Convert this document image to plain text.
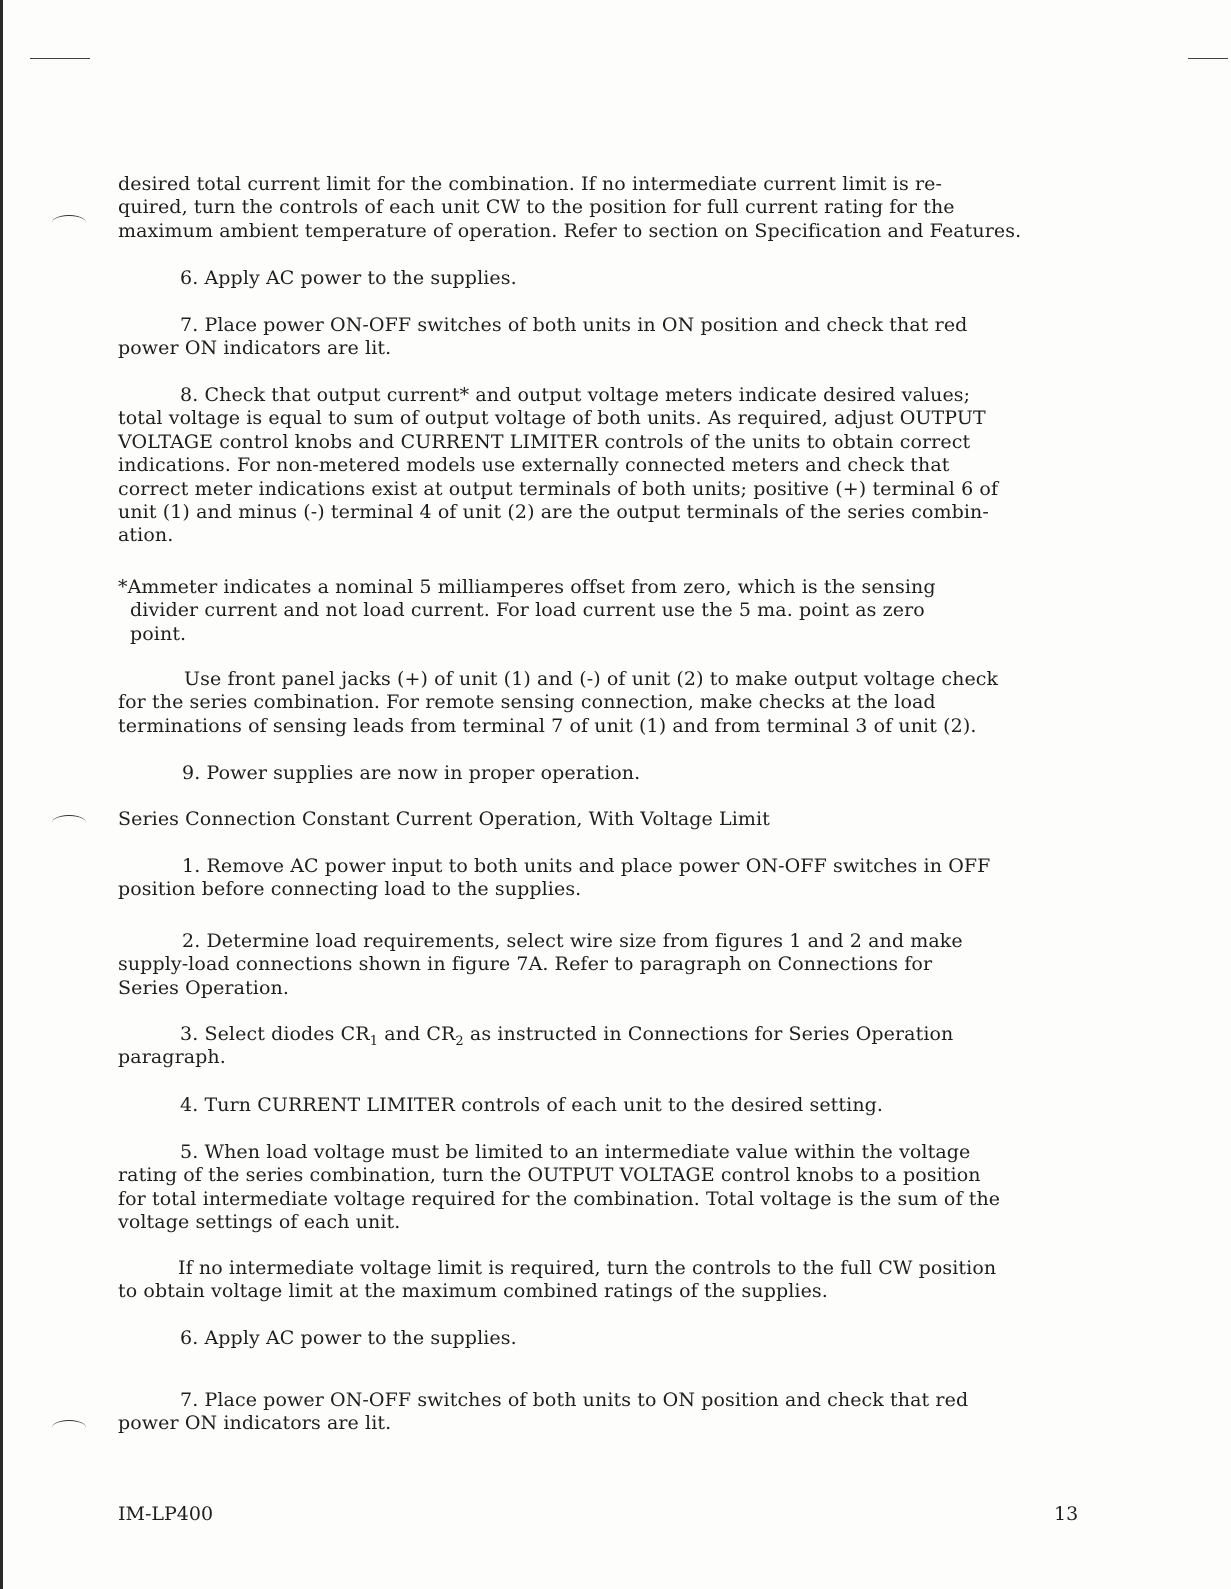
desired total current limit for the combination. If no intermediate current limit is re-
quired, turn the controls of each unit CW to the position for full current rating for the
maximum ambient temperature of operation. Refer to section on Specification and Features.
6. Apply AC power to the supplies.
7. Place power ON-OFF switches of both units in ON position and check that red
power ON indicators are lit.
8. Check that output current* and output voltage meters indicate desired values;
total voltage is equal to sum of output voltage of both units. As required, adjust OUTPUT
VOLTAGE control knobs and CURRENT LIMITER controls of the units to obtain correct
indications. For non-metered models use externally connected meters and check that
correct meter indications exist at output terminals of both units; positive (+) terminal 6 of
unit (1) and minus (-) terminal 4 of unit (2) are the output terminals of the series combin-
ation.
*Ammeter indicates a nominal 5 milliamperes offset from zero, which is the sensing
divider current and not load current. For load current use the 5 ma. point as zero
point.
Use front panel jacks (+) of unit (1) and (-) of unit (2) to make output voltage check
for the series combination. For remote sensing connection, make checks at the load
terminations of sensing leads from terminal 7 of unit (1) and from terminal 3 of unit (2).
9. Power supplies are now in proper operation.
Series Connection Constant Current Operation, With Voltage Limit
1. Remove AC power input to both units and place power ON-OFF switches in OFF
position before connecting load to the supplies.
2. Determine load requirements, select wire size from figures 1 and 2 and make
supply-load connections shown in figure 7A. Refer to paragraph on Connections for
Series Operation.
3. Select diodes $CR_1$ and $CR_2$ as instructed in Connections for Series Operation
paragraph.
4. Turn CURRENT LIMITER controls of each unit to the desired setting.
5. When load voltage must be limited to an intermediate value within the voltage
rating of the series combination, turn the OUTPUT VOLTAGE control knobs to a position
for total intermediate voltage required for the combination. Total voltage is the sum of the
voltage settings of each unit.
If no intermediate voltage limit is required, turn the controls to the full CW position
to obtain voltage limit at the maximum combined ratings of the supplies.
6. Apply AC power to the supplies.
7. Place power ON-OFF switches of both units to ON position and check that red
power ON indicators are lit.
IM-LP400	13
